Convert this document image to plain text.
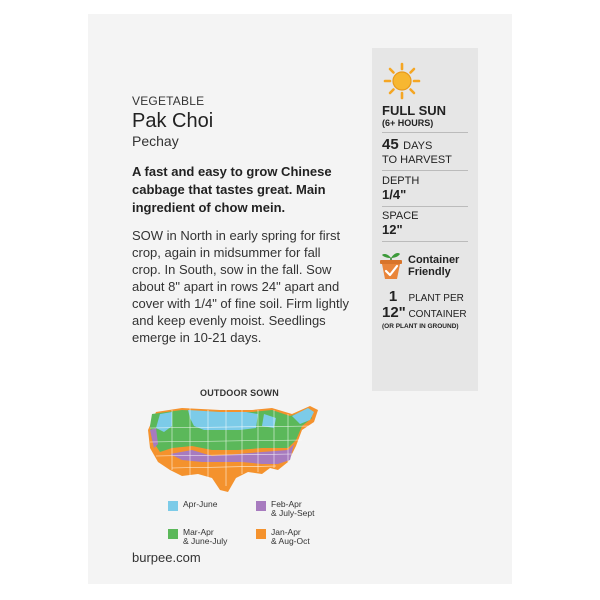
VEGETABLE
Pak Choi
Pechay
A fast and easy to grow Chinese cabbage that tastes great. Main ingredient of chow mein.
SOW in North in early spring for first crop, again in midsummer for fall crop. In South, sow in the fall. Sow about 8" apart in rows 24" apart and cover with 1/4" of fine soil. Firm lightly and keep evenly moist. Seedlings emerge in 10-21 days.
FULL SUN
(6+ HOURS)
45 DAYS
TO HARVEST
DEPTH
1/4"
SPACE
12"
Container
Friendly
1 PLANT PER
12" CONTAINER
(OR PLANT IN GROUND)
OUTDOOR SOWN
Apr-June	Feb-Apr
& July-Sept
Mar-Apr
& June-July
Jan-Apr
& Aug-Oct
burpee.com
